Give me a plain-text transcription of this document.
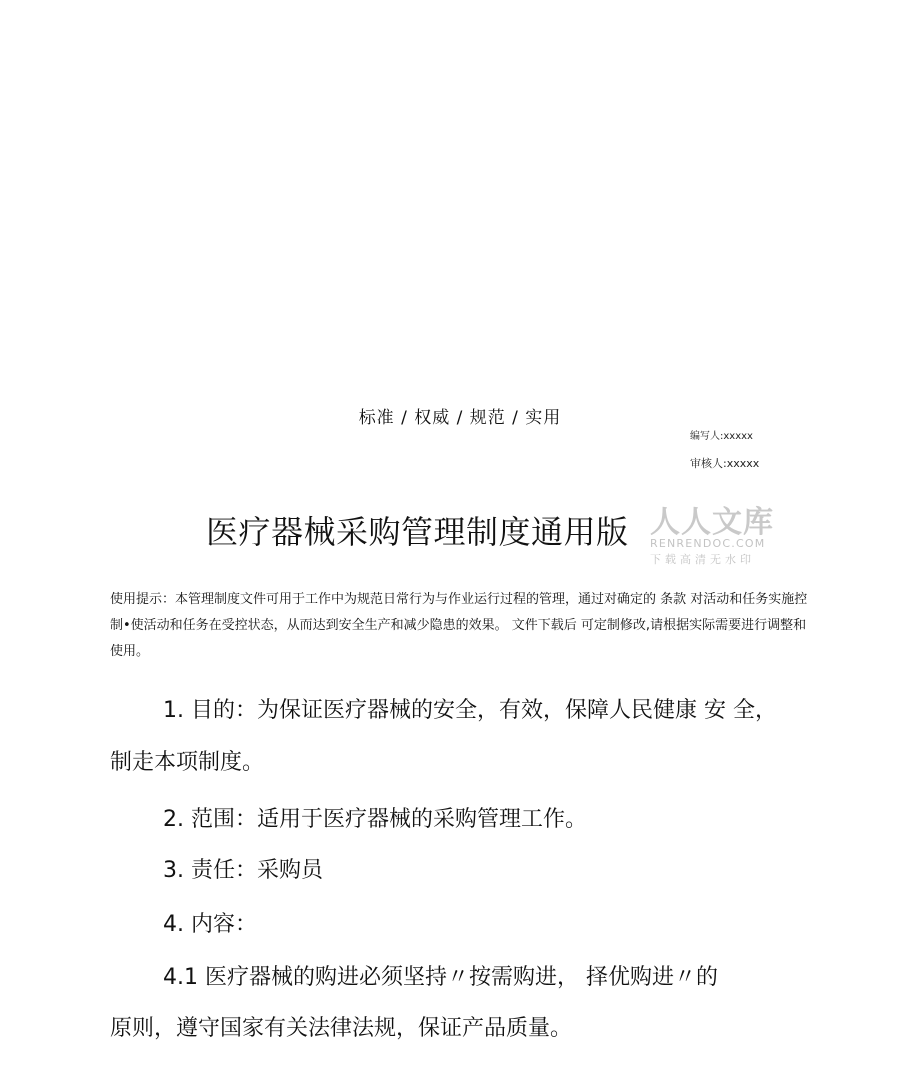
标准 / 权威 / 规范 / 实用
编写人:xxxxx
审核人:xxxxx
医疗器械采购管理制度通用版 人人文库
RENRENDOC.COM
下载高清无水印
使用提示：本管理制度文件可用于工作中为规范日常行为与作业运行过程的管理，通过对确定的 条款 对活动和任务实施控制•使活动和任务在受控状态，从而达到安全生产和减少隐患的效果。 文件下载后 可定制修改,请根据实际需要进行调整和使用。
1. 目的：为保证医疗器械的安全，有效，保障人民健康 安 全，
制走本项制度。
2. 范围：适用于医疗器械的采购管理工作。
3. 责任：采购员
4. 内容：
4.1 医疗器械的购进必须坚持〃按需购进， 择优购进〃的
原则，遵守国家有关法律法规，保证产品质量。
